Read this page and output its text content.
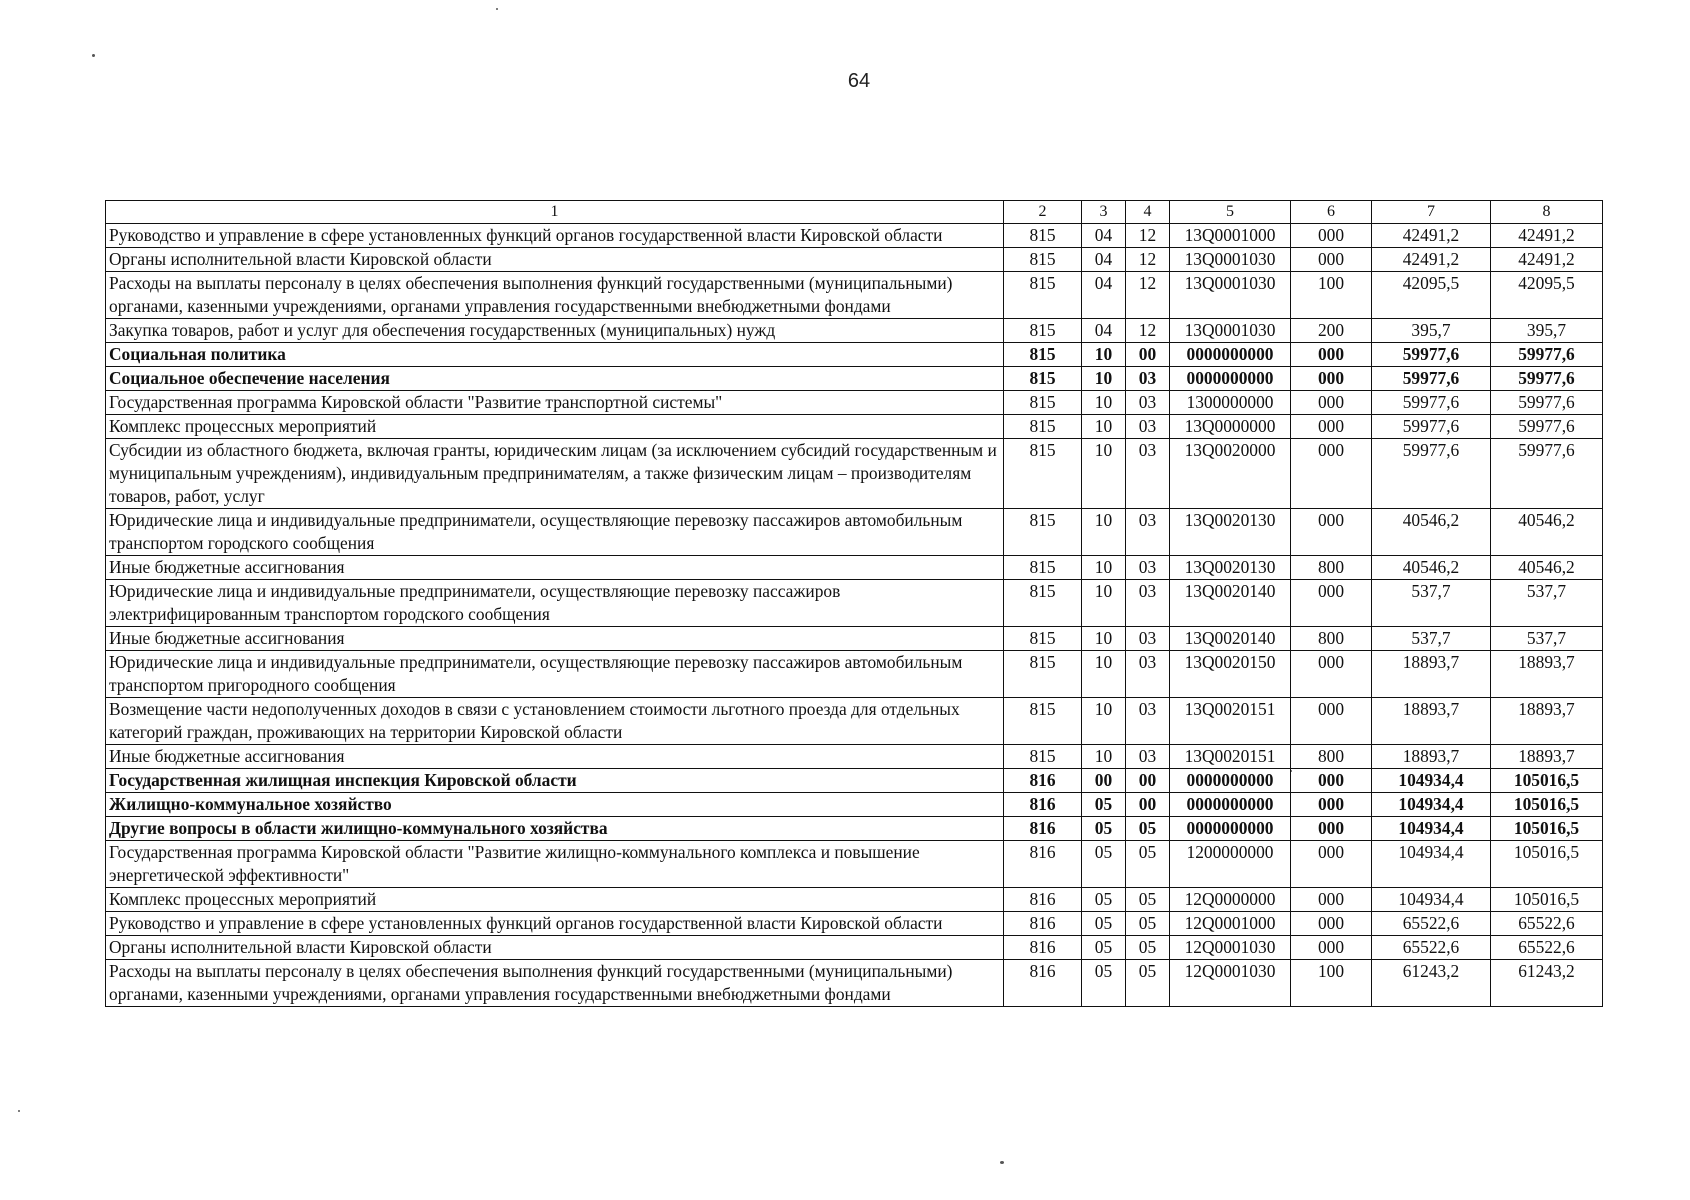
64
1	2	3	4	5	6	7	8
Руководство и управление в сфере установленных функций органов государственной власти Кировской области	815	04	12	13Q0001000	000	42491,2	42491,2
Органы исполнительной власти Кировской области	815	04	12	13Q0001030	000	42491,2	42491,2
Расходы на выплаты персоналу в целях обеспечения выполнения функций государственными (муниципальными) органами, казенными учреждениями, органами управления государственными внебюджетными фондами	815	04	12	13Q0001030	100	42095,5	42095,5
Закупка товаров, работ и услуг для обеспечения государственных (муниципальных) нужд	815	04	12	13Q0001030	200	395,7	395,7
Социальная политика	815	10	00	0000000000	000	59977,6	59977,6
Социальное обеспечение населения	815	10	03	0000000000	000	59977,6	59977,6
Государственная программа Кировской области "Развитие транспортной системы"	815	10	03	1300000000	000	59977,6	59977,6
Комплекс процессных мероприятий	815	10	03	13Q0000000	000	59977,6	59977,6
Субсидии из областного бюджета, включая гранты, юридическим лицам (за исключением субсидий государственным и муниципальным учреждениям), индивидуальным предпринимателям, а также физическим лицам – производителям товаров, работ, услуг	815	10	03	13Q0020000	000	59977,6	59977,6
Юридические лица и индивидуальные предприниматели, осуществляющие перевозку пассажиров автомобильным транспортом городского сообщения	815	10	03	13Q0020130	000	40546,2	40546,2
Иные бюджетные ассигнования	815	10	03	13Q0020130	800	40546,2	40546,2
Юридические лица и индивидуальные предприниматели, осуществляющие перевозку пассажиров электрифицированным транспортом городского сообщения	815	10	03	13Q0020140	000	537,7	537,7
Иные бюджетные ассигнования	815	10	03	13Q0020140	800	537,7	537,7
Юридические лица и индивидуальные предприниматели, осуществляющие перевозку пассажиров автомобильным транспортом пригородного сообщения	815	10	03	13Q0020150	000	18893,7	18893,7
Возмещение части недополученных доходов в связи с установлением стоимости льготного проезда для отдельных категорий граждан, проживающих на территории Кировской области	815	10	03	13Q0020151	000	18893,7	18893,7
Иные бюджетные ассигнования	815	10	03	13Q0020151	800	18893,7	18893,7
Государственная жилищная инспекция Кировской области	816	00	00	0000000000	000	104934,4	105016,5
Жилищно-коммунальное хозяйство	816	05	00	0000000000	000	104934,4	105016,5
Другие вопросы в области жилищно-коммунального хозяйства	816	05	05	0000000000	000	104934,4	105016,5
Государственная программа Кировской области "Развитие жилищно-коммунального комплекса и повышение энергетической эффективности"	816	05	05	1200000000	000	104934,4	105016,5
Комплекс процессных мероприятий	816	05	05	12Q0000000	000	104934,4	105016,5
Руководство и управление в сфере установленных функций органов государственной власти Кировской области	816	05	05	12Q0001000	000	65522,6	65522,6
Органы исполнительной власти Кировской области	816	05	05	12Q0001030	000	65522,6	65522,6
Расходы на выплаты персоналу в целях обеспечения выполнения функций государственными (муниципальными) органами, казенными учреждениями, органами управления государственными внебюджетными фондами	816	05	05	12Q0001030	100	61243,2	61243,2
